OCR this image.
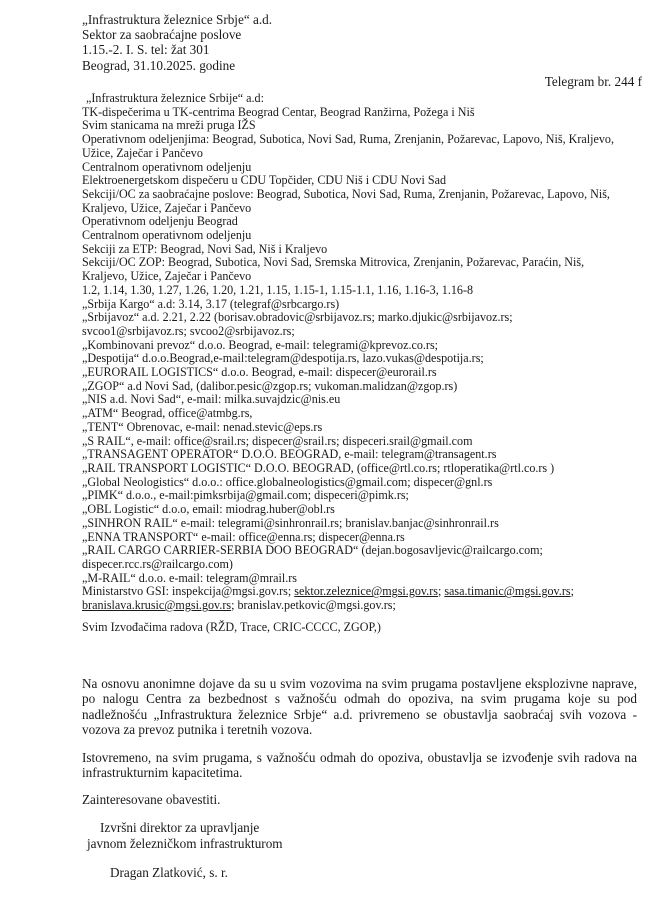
„Infrastruktura železnice Srbje“ a.d.
Sektor za saobraćajne poslove
1.15.-2. I. S. tel: žat 301
Beograd, 31.10.2025. godine
Telegram br. 244 f
„Infrastruktura železnice Srbije“ a.d:
TK-dispečerima u TK-centrima Beograd Centar, Beograd Ranžirna, Požega i Niš
Svim stanicama na mreži pruga IŽS
Operativnom odeljenjima: Beograd, Subotica, Novi Sad, Ruma, Zrenjanin, Požarevac, Lapovo, Niš, Kraljevo,
Užice, Zaječar i Pančevo
Centralnom operativnom odeljenju
Elektroenergetskom dispečeru u CDU Topčider, CDU Niš i CDU Novi Sad
Sekciji/OC za saobraćajne poslove: Beograd, Subotica, Novi Sad, Ruma, Zrenjanin, Požarevac, Lapovo, Niš,
Kraljevo, Užice, Zaječar i Pančevo
Operativnom odeljenju Beograd
Centralnom operativnom odeljenju
Sekciji za ETP: Beograd, Novi Sad, Niš i Kraljevo
Sekciji/OC ZOP: Beograd, Subotica, Novi Sad, Sremska Mitrovica, Zrenjanin, Požarevac, Paraćin, Niš,
Kraljevo, Užice, Zaječar i Pančevo
1.2, 1.14, 1.30, 1.27, 1.26, 1.20, 1.21, 1.15, 1.15-1, 1.15-1.1, 1.16, 1.16-3, 1.16-8
„Srbija Kargo“ a.d: 3.14, 3.17 (telegraf@srbcargo.rs)
„Srbijavoz“ a.d. 2.21, 2.22 (borisav.obradovic@srbijavoz.rs; marko.djukic@srbijavoz.rs;
svcoo1@srbijavoz.rs; svcoo2@srbijavoz.rs;
„Kombinovani prevoz“ d.o.o. Beograd, e-mail: telegrami@kprevoz.co.rs;
„Despotija“ d.o.o.Beograd,e-mail:telegram@despotija.rs, lazo.vukas@despotija.rs;
„EURORAIL LOGISTICS“ d.o.o. Beograd, e-mail: dispecer@eurorail.rs
„ZGOP“ a.d Novi Sad, (dalibor.pesic@zgop.rs; vukoman.malidzan@zgop.rs)
„NIS a.d. Novi Sad“, e-mail: milka.suvajdzic@nis.eu
„ATM“ Beograd, office@atmbg.rs,
„TENT“ Obrenovac, e-mail: nenad.stevic@eps.rs
„S RAIL“, e-mail: office@srail.rs; dispecer@srail.rs; dispeceri.srail@gmail.com
„TRANSAGENT OPERATOR“ D.O.O. BEOGRAD, e-mail: telegram@transagent.rs
„RAIL TRANSPORT LOGISTIC“ D.O.O. BEOGRAD, (office@rtl.co.rs; rtloperatika@rtl.co.rs )
„Global Neologistics“ d.o.o.: office.globalneologistics@gmail.com; dispecer@gnl.rs
„PIMK“ d.o.o., e-mail:pimksrbija@gmail.com; dispeceri@pimk.rs;
„OBL Logistic“ d.o.o, email: miodrag.huber@obl.rs
„SINHRON RAIL“ e-mail: telegrami@sinhronrail.rs; branislav.banjac@sinhronrail.rs
„ENNA TRANSPORT“ e-mail: office@enna.rs; dispecer@enna.rs
„RAIL CARGO CARRIER-SERBIA DOO BEOGRAD“ (dejan.bogosavljevic@railcargo.com;
dispecer.rcc.rs@railcargo.com)
„M-RAIL“ d.o.o. e-mail: telegram@mrail.rs
Ministarstvo GSI: inspekcija@mgsi.gov.rs; sektor.zeleznice@mgsi.gov.rs; sasa.timanic@mgsi.gov.rs;
branislava.krusic@mgsi.gov.rs; branislav.petkovic@mgsi.gov.rs;
Svim Izvođačima radova (RŽD, Trace, CRIC-CCCC, ZGOP,)

Na osnovu anonimne dojave da su u svim vozovima na svim prugama postavljene eksplozivne naprave, po nalogu Centra za bezbednost s važnošću odmah do opoziva, na svim prugama koje su pod nadležnošću „Infrastruktura železnice Srbje“ a.d. privremeno se obustavlja saobraćaj svih vozova - vozova za prevoz putnika i teretnih vozova.

Istovremeno, na svim prugama, s važnošću odmah do opoziva, obustavlja se izvođenje svih radova na infrastrukturnim kapacitetima.

Zainteresovane obavestiti.

Izvršni direktor za upravljanje
javnom železničkom infrastrukturom
Dragan Zlatković, s. r.
